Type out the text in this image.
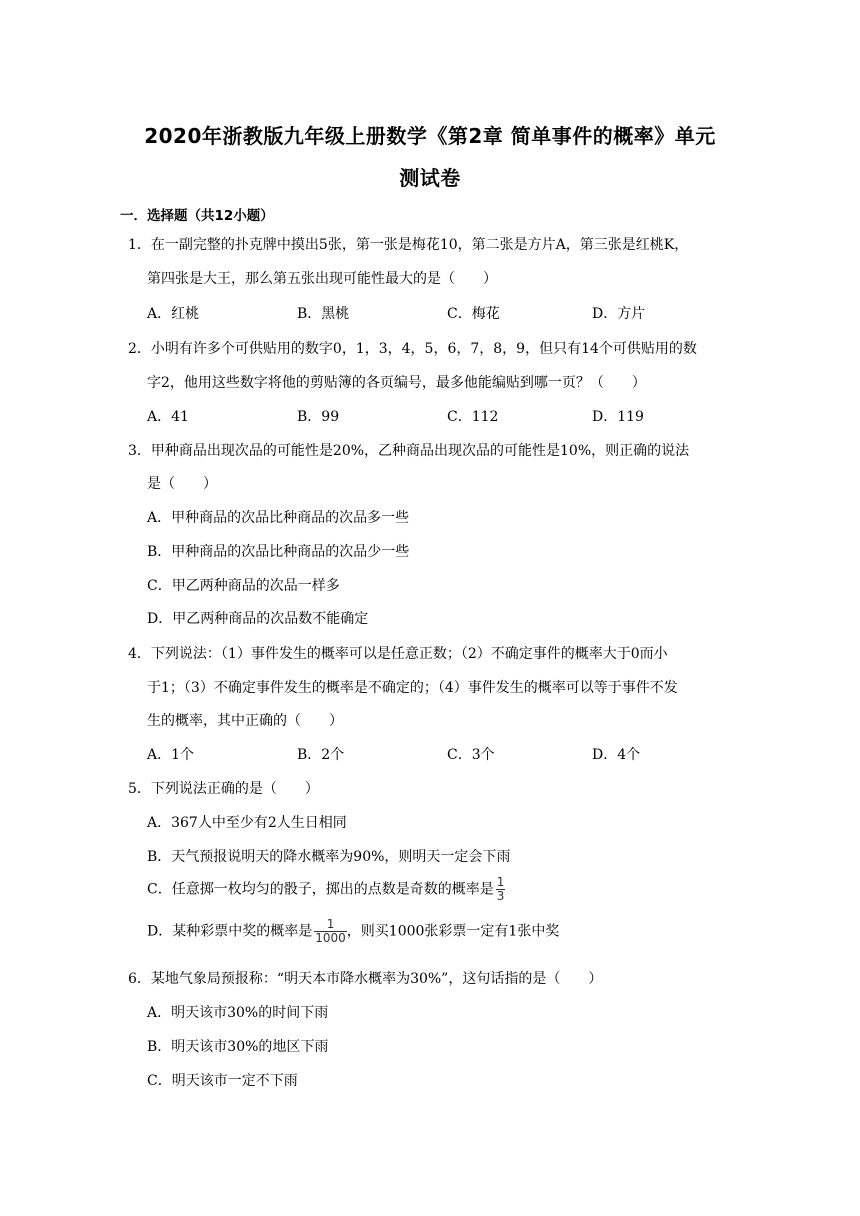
2020年浙教版九年级上册数学《第2章 简单事件的概率》单元
测试卷
一．选择题（共12小题）
1．在一副完整的扑克牌中摸出5张，第一张是梅花10，第二张是方片A，第三张是红桃K，
第四张是大王，那么第五张出现可能性最大的是（　　）
A．红桃	B．黑桃	C．梅花	D．方片
2．小明有许多个可供贴用的数字0，1，3，4，5，6，7，8，9，但只有14个可供贴用的数
字2，他用这些数字将他的剪贴簿的各页编号，最多他能编贴到哪一页？（　　）
A．41	B．99	C．112	D．119
3．甲种商品出现次品的可能性是20%，乙种商品出现次品的可能性是10%，则正确的说法
是（　　）
A．甲种商品的次品比种商品的次品多一些
B．甲种商品的次品比种商品的次品少一些
C．甲乙两种商品的次品一样多
D．甲乙两种商品的次品数不能确定
4．下列说法：（1）事件发生的概率可以是任意正数；（2）不确定事件的概率大于0而小
于1；（3）不确定事件发生的概率是不确定的；（4）事件发生的概率可以等于事件不发
生的概率，其中正确的（　　）
A．1个	B．2个	C．3个	D．4个
5．下列说法正确的是（　　）
A．367人中至少有2人生日相同
B．天气预报说明天的降水概率为90%，则明天一定会下雨
C．任意掷一枚均匀的骰子，掷出的点数是奇数的概率是 $\frac{1}{3}$
D．某种彩票中奖的概率是 $\frac{1}{1000}$ ，则买1000张彩票一定有1张中奖
6．某地气象局预报称：“明天本市降水概率为30%”，这句话指的是（　　）
A．明天该市30%的时间下雨
B．明天该市30%的地区下雨
C．明天该市一定不下雨
